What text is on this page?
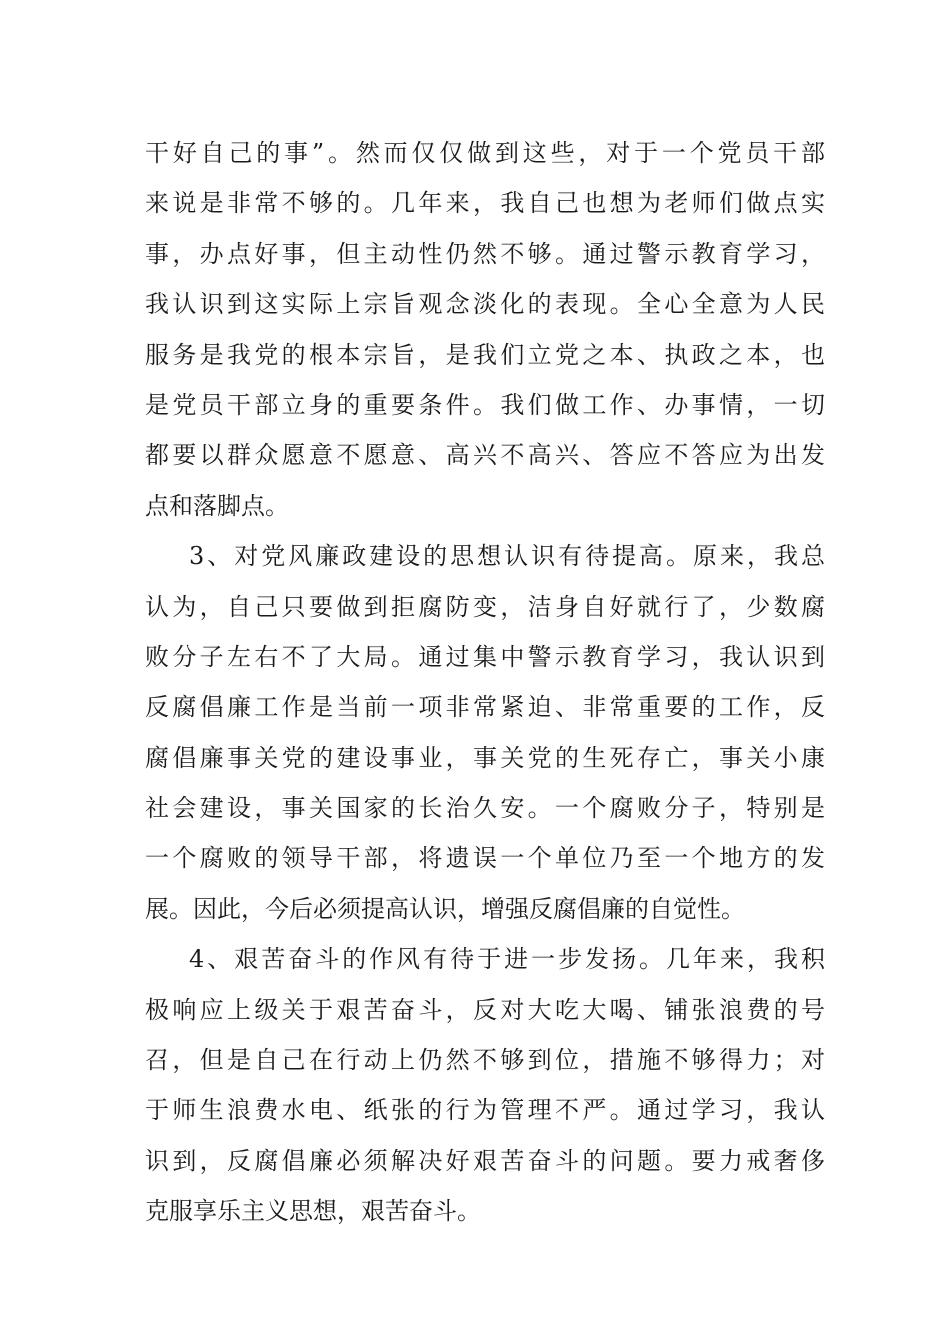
干好自己的事”。然而仅仅做到这些，对于一个党员干部
来说是非常不够的。几年来，我自己也想为老师们做点实
事，办点好事，但主动性仍然不够。通过警示教育学习，
我认识到这实际上宗旨观念淡化的表现。全心全意为人民
服务是我党的根本宗旨，是我们立党之本、执政之本，也
是党员干部立身的重要条件。我们做工作、办事情，一切
都要以群众愿意不愿意、高兴不高兴、答应不答应为出发
点和落脚点。
3、对党风廉政建设的思想认识有待提高。原来，我总
认为，自己只要做到拒腐防变，洁身自好就行了，少数腐
败分子左右不了大局。通过集中警示教育学习，我认识到
反腐倡廉工作是当前一项非常紧迫、非常重要的工作，反
腐倡廉事关党的建设事业，事关党的生死存亡，事关小康
社会建设，事关国家的长治久安。一个腐败分子，特别是
一个腐败的领导干部，将遗误一个单位乃至一个地方的发
展。因此，今后必须提高认识，增强反腐倡廉的自觉性。
4、艰苦奋斗的作风有待于进一步发扬。几年来，我积
极响应上级关于艰苦奋斗，反对大吃大喝、铺张浪费的号
召，但是自己在行动上仍然不够到位，措施不够得力；对
于师生浪费水电、纸张的行为管理不严。通过学习，我认
识到，反腐倡廉必须解决好艰苦奋斗的问题。要力戒奢侈
克服享乐主义思想，艰苦奋斗。
